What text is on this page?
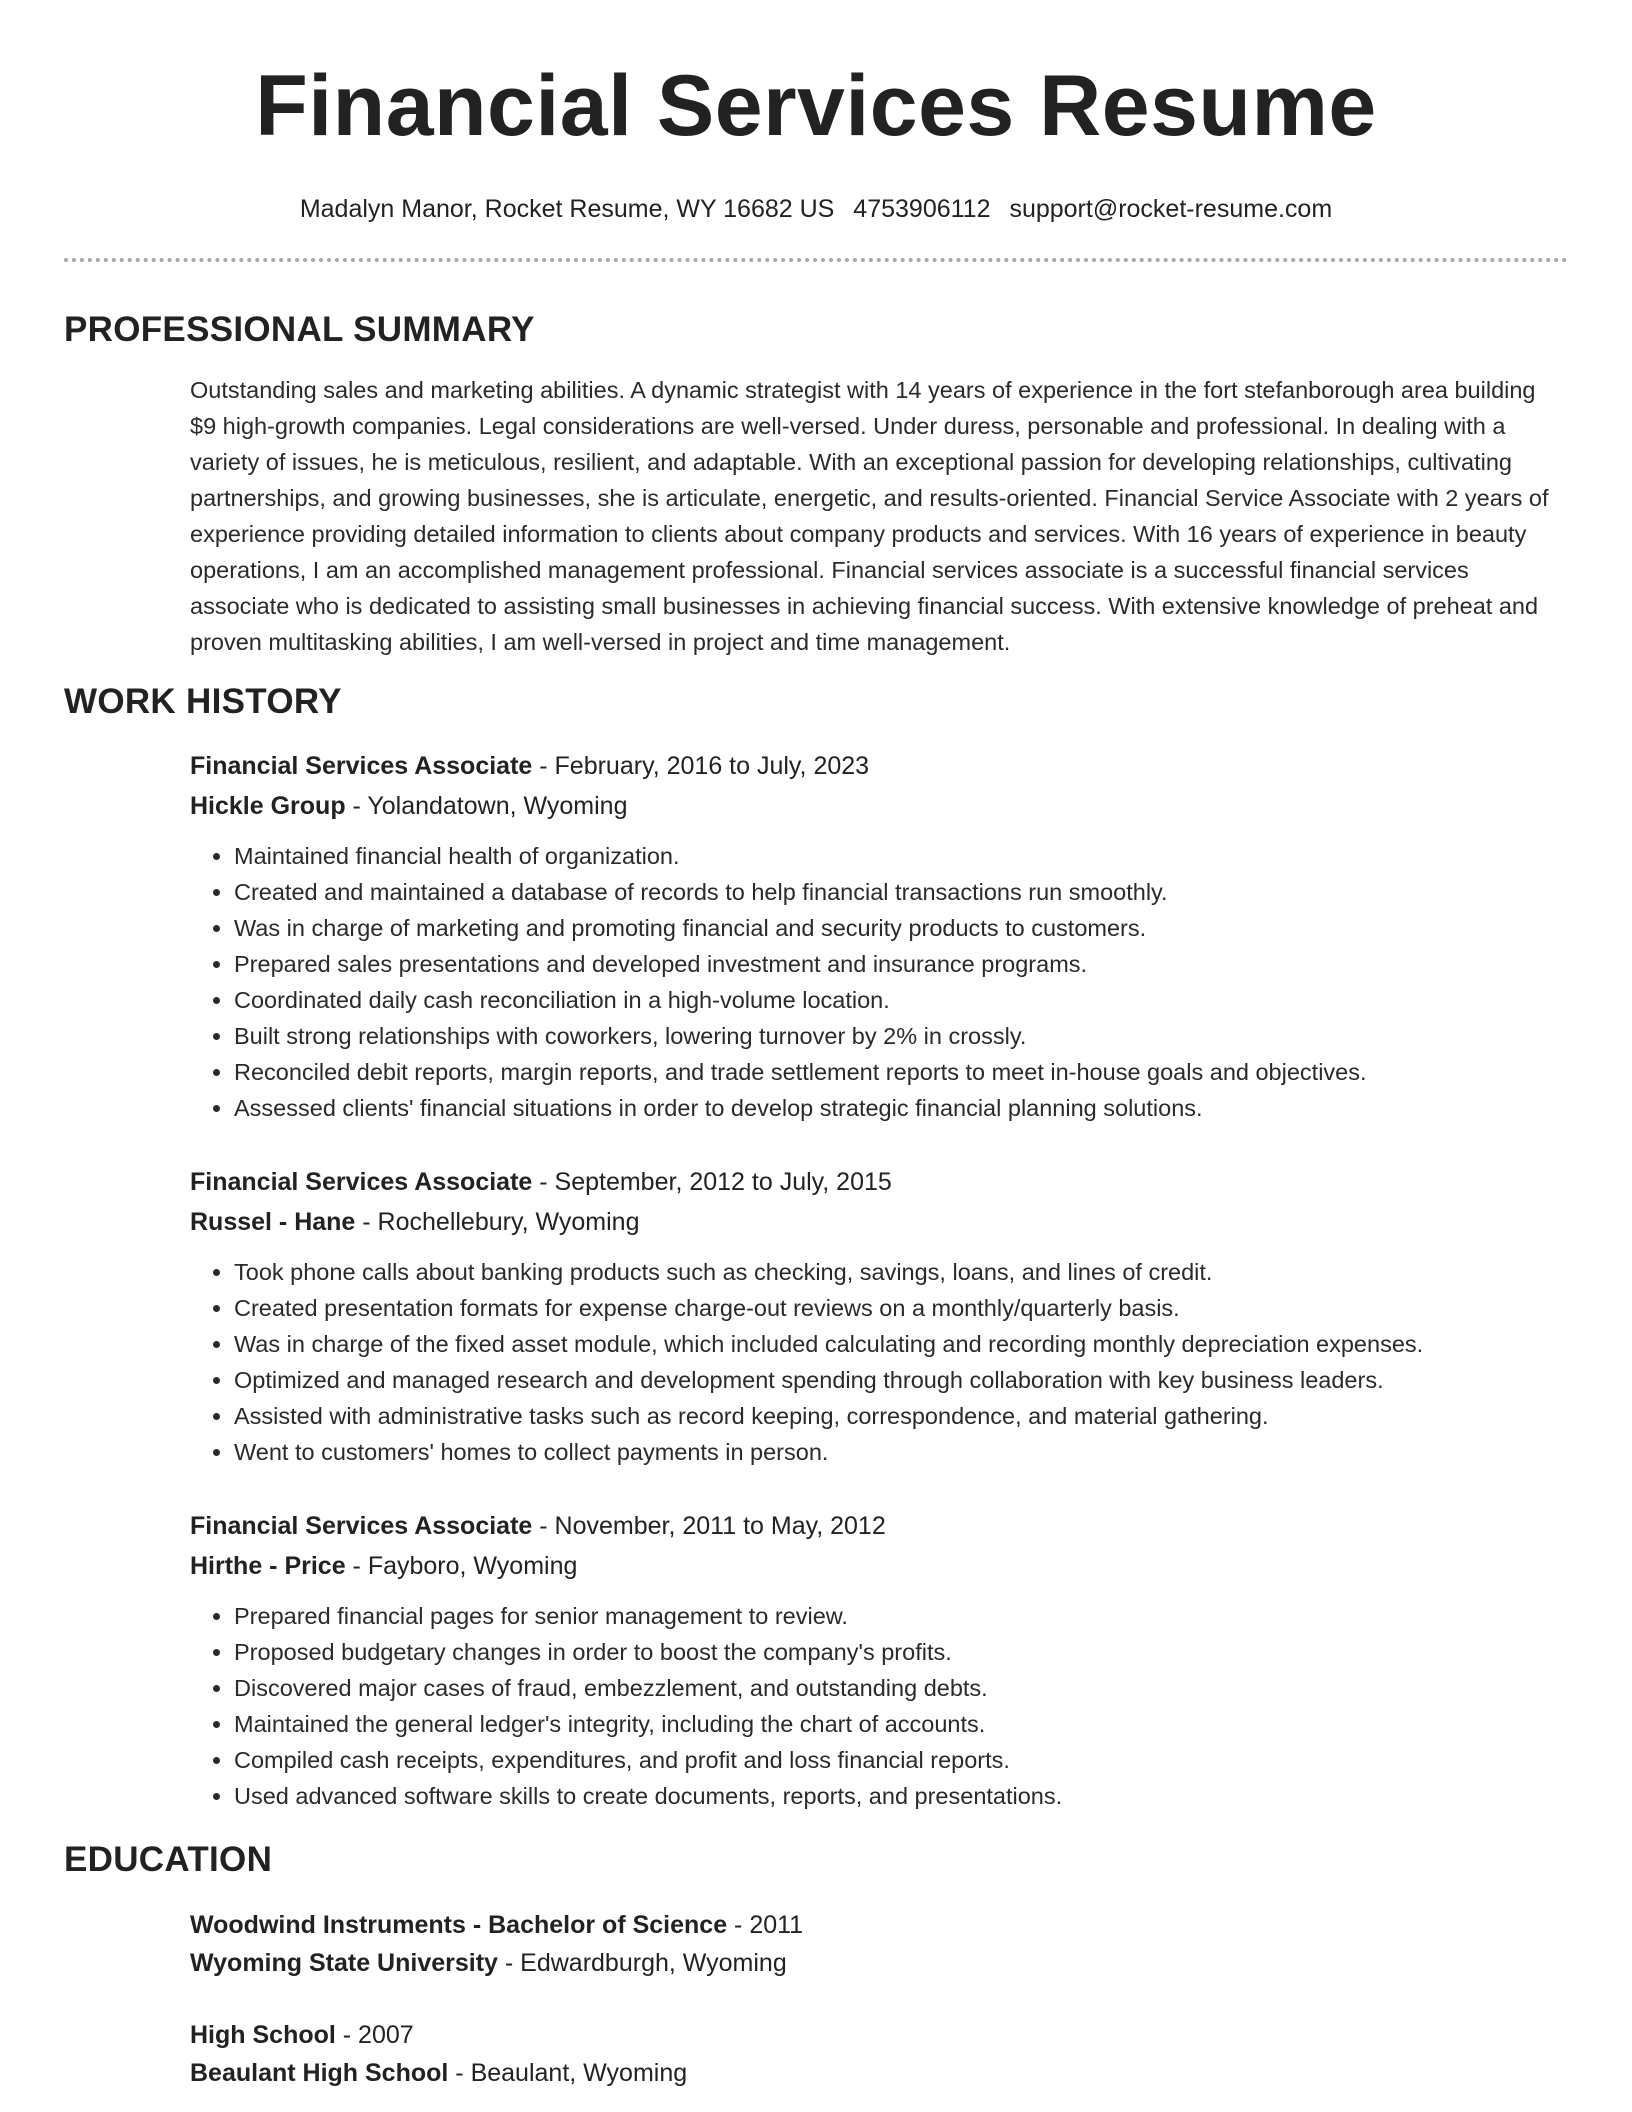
Financial Services Resume
Madalyn Manor, Rocket Resume, WY 16682 US 4753906112 support@rocket-resume.com
PROFESSIONAL SUMMARY
Outstanding sales and marketing abilities. A dynamic strategist with 14 years of experience in the fort stefanborough area building $9 high-growth companies. Legal considerations are well-versed. Under duress, personable and professional. In dealing with a variety of issues, he is meticulous, resilient, and adaptable. With an exceptional passion for developing relationships, cultivating partnerships, and growing businesses, she is articulate, energetic, and results-oriented. Financial Service Associate with 2 years of experience providing detailed information to clients about company products and services. With 16 years of experience in beauty operations, I am an accomplished management professional. Financial services associate is a successful financial services associate who is dedicated to assisting small businesses in achieving financial success. With extensive knowledge of preheat and proven multitasking abilities, I am well-versed in project and time management.
WORK HISTORY
Financial Services Associate - February, 2016 to July, 2023
Hickle Group - Yolandatown, Wyoming
• Maintained financial health of organization.
• Created and maintained a database of records to help financial transactions run smoothly.
• Was in charge of marketing and promoting financial and security products to customers.
• Prepared sales presentations and developed investment and insurance programs.
• Coordinated daily cash reconciliation in a high-volume location.
• Built strong relationships with coworkers, lowering turnover by 2% in crossly.
• Reconciled debit reports, margin reports, and trade settlement reports to meet in-house goals and objectives.
• Assessed clients' financial situations in order to develop strategic financial planning solutions.
Financial Services Associate - September, 2012 to July, 2015
Russel - Hane - Rochellebury, Wyoming
• Took phone calls about banking products such as checking, savings, loans, and lines of credit.
• Created presentation formats for expense charge-out reviews on a monthly/quarterly basis.
• Was in charge of the fixed asset module, which included calculating and recording monthly depreciation expenses.
• Optimized and managed research and development spending through collaboration with key business leaders.
• Assisted with administrative tasks such as record keeping, correspondence, and material gathering.
• Went to customers' homes to collect payments in person.
Financial Services Associate - November, 2011 to May, 2012
Hirthe - Price - Fayboro, Wyoming
• Prepared financial pages for senior management to review.
• Proposed budgetary changes in order to boost the company's profits.
• Discovered major cases of fraud, embezzlement, and outstanding debts.
• Maintained the general ledger's integrity, including the chart of accounts.
• Compiled cash receipts, expenditures, and profit and loss financial reports.
• Used advanced software skills to create documents, reports, and presentations.
EDUCATION
Woodwind Instruments - Bachelor of Science - 2011
Wyoming State University - Edwardburgh, Wyoming
High School - 2007
Beaulant High School - Beaulant, Wyoming
